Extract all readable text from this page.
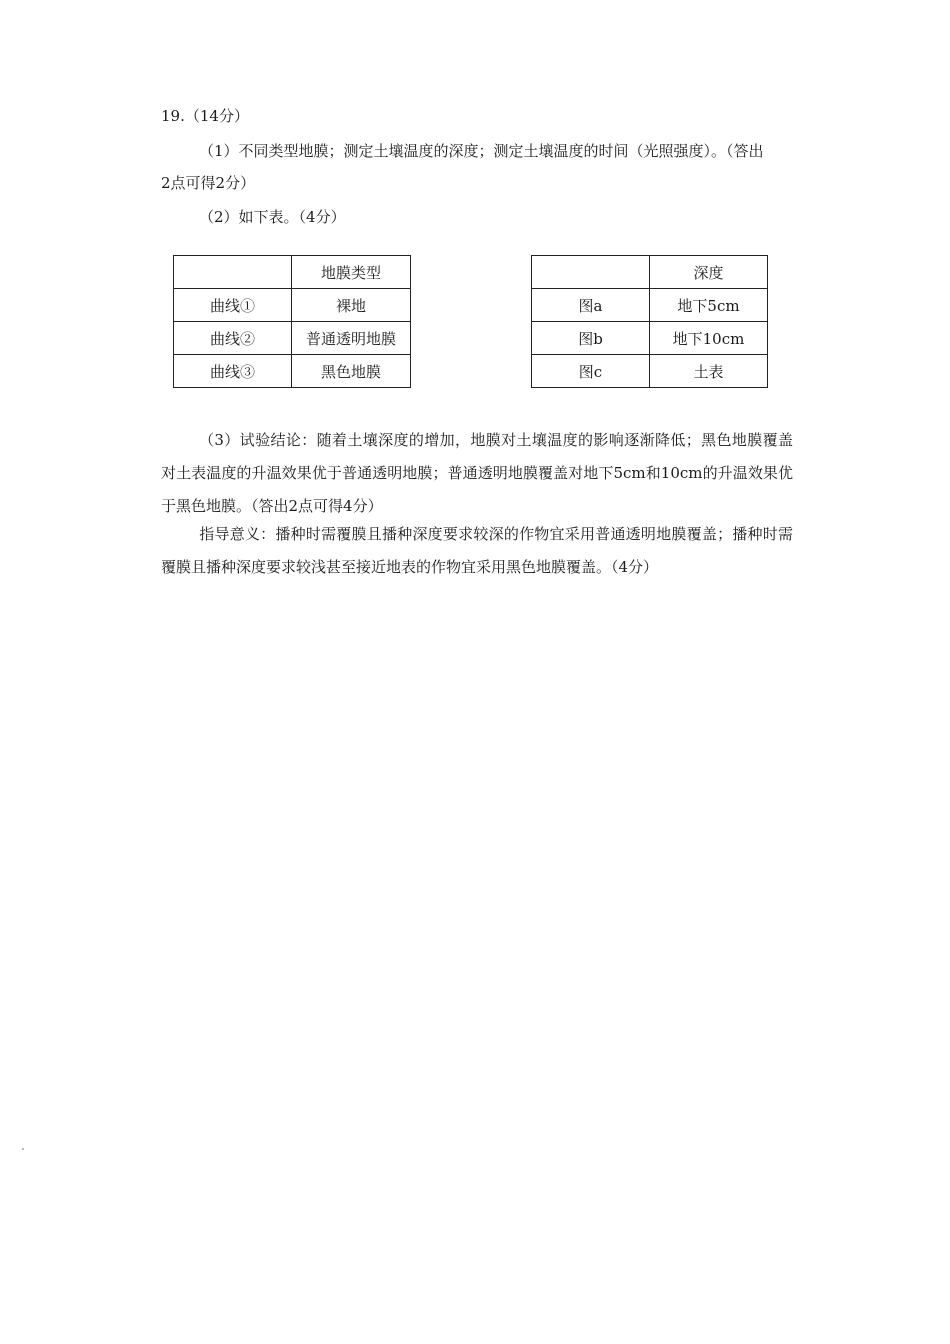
19.（14分）
（1）不同类型地膜；测定土壤温度的深度；测定土壤温度的时间（光照强度）。（答出
2点可得2分）
（2）如下表。（4分）
	地膜类型
曲线①	裸地
曲线②	普通透明地膜
曲线③	黑色地膜
	深度
图a	地下5cm
图b	地下10cm
图c	土表
（3）试验结论：随着土壤深度的增加，地膜对土壤温度的影响逐渐降低；黑色地膜覆盖对土表温度的升温效果优于普通透明地膜；普通透明地膜覆盖对地下5cm和10cm的升温效果优于黑色地膜。（答出2点可得4分）
指导意义：播种时需覆膜且播种深度要求较深的作物宜采用普通透明地膜覆盖；播种时需覆膜且播种深度要求较浅甚至接近地表的作物宜采用黑色地膜覆盖。（4分）
